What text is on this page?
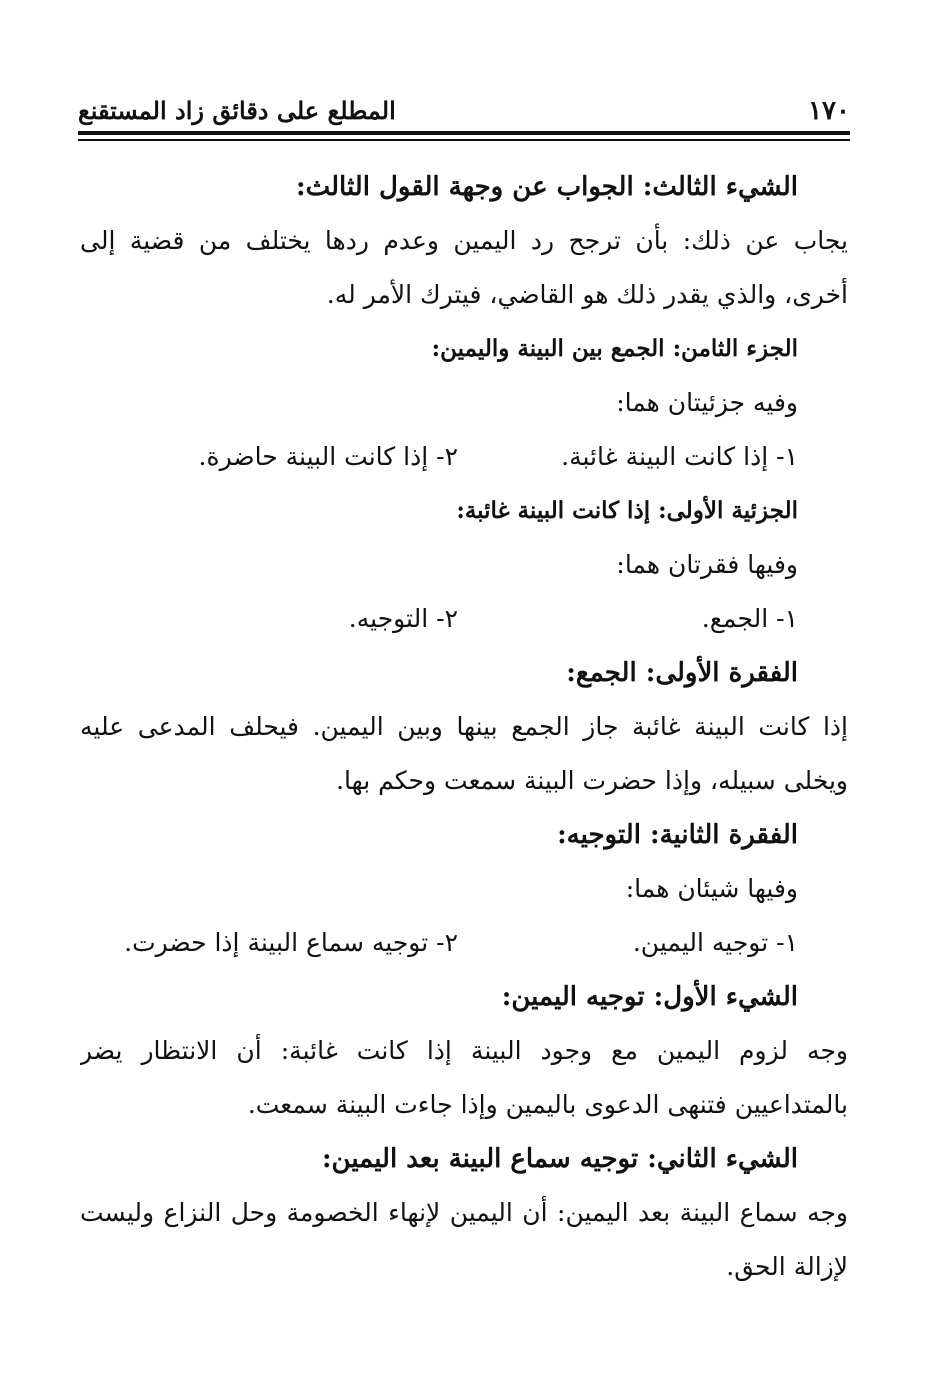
١٧٠
المطلع على دقائق زاد المستقنع
الشيء الثالث: الجواب عن وجهة القول الثالث:
يجاب عن ذلك: بأن ترجح رد اليمين وعدم ردها يختلف من قضية إلى
أخرى، والذي يقدر ذلك هو القاضي، فيترك الأمر له.
الجزء الثامن: الجمع بين البينة واليمين:
وفيه جزئيتان هما:
١- إذا كانت البينة غائبة.
٢- إذا كانت البينة حاضرة.
الجزئية الأولى: إذا كانت البينة غائبة:
وفيها فقرتان هما:
١- الجمع.
٢- التوجيه.
الفقرة الأولى: الجمع:
إذا كانت البينة غائبة جاز الجمع بينها وبين اليمين. فيحلف المدعى عليه
ويخلى سبيله، وإذا حضرت البينة سمعت وحكم بها.
الفقرة الثانية: التوجيه:
وفيها شيئان هما:
١- توجيه اليمين.
٢- توجيه سماع البينة إذا حضرت.
الشيء الأول: توجيه اليمين:
وجه لزوم اليمين مع وجود البينة إذا كانت غائبة: أن الانتظار يضر
بالمتداعيين فتنهى الدعوى باليمين وإذا جاءت البينة سمعت.
الشيء الثاني: توجيه سماع البينة بعد اليمين:
وجه سماع البينة بعد اليمين: أن اليمين لإنهاء الخصومة وحل النزاع وليست
لإزالة الحق.
